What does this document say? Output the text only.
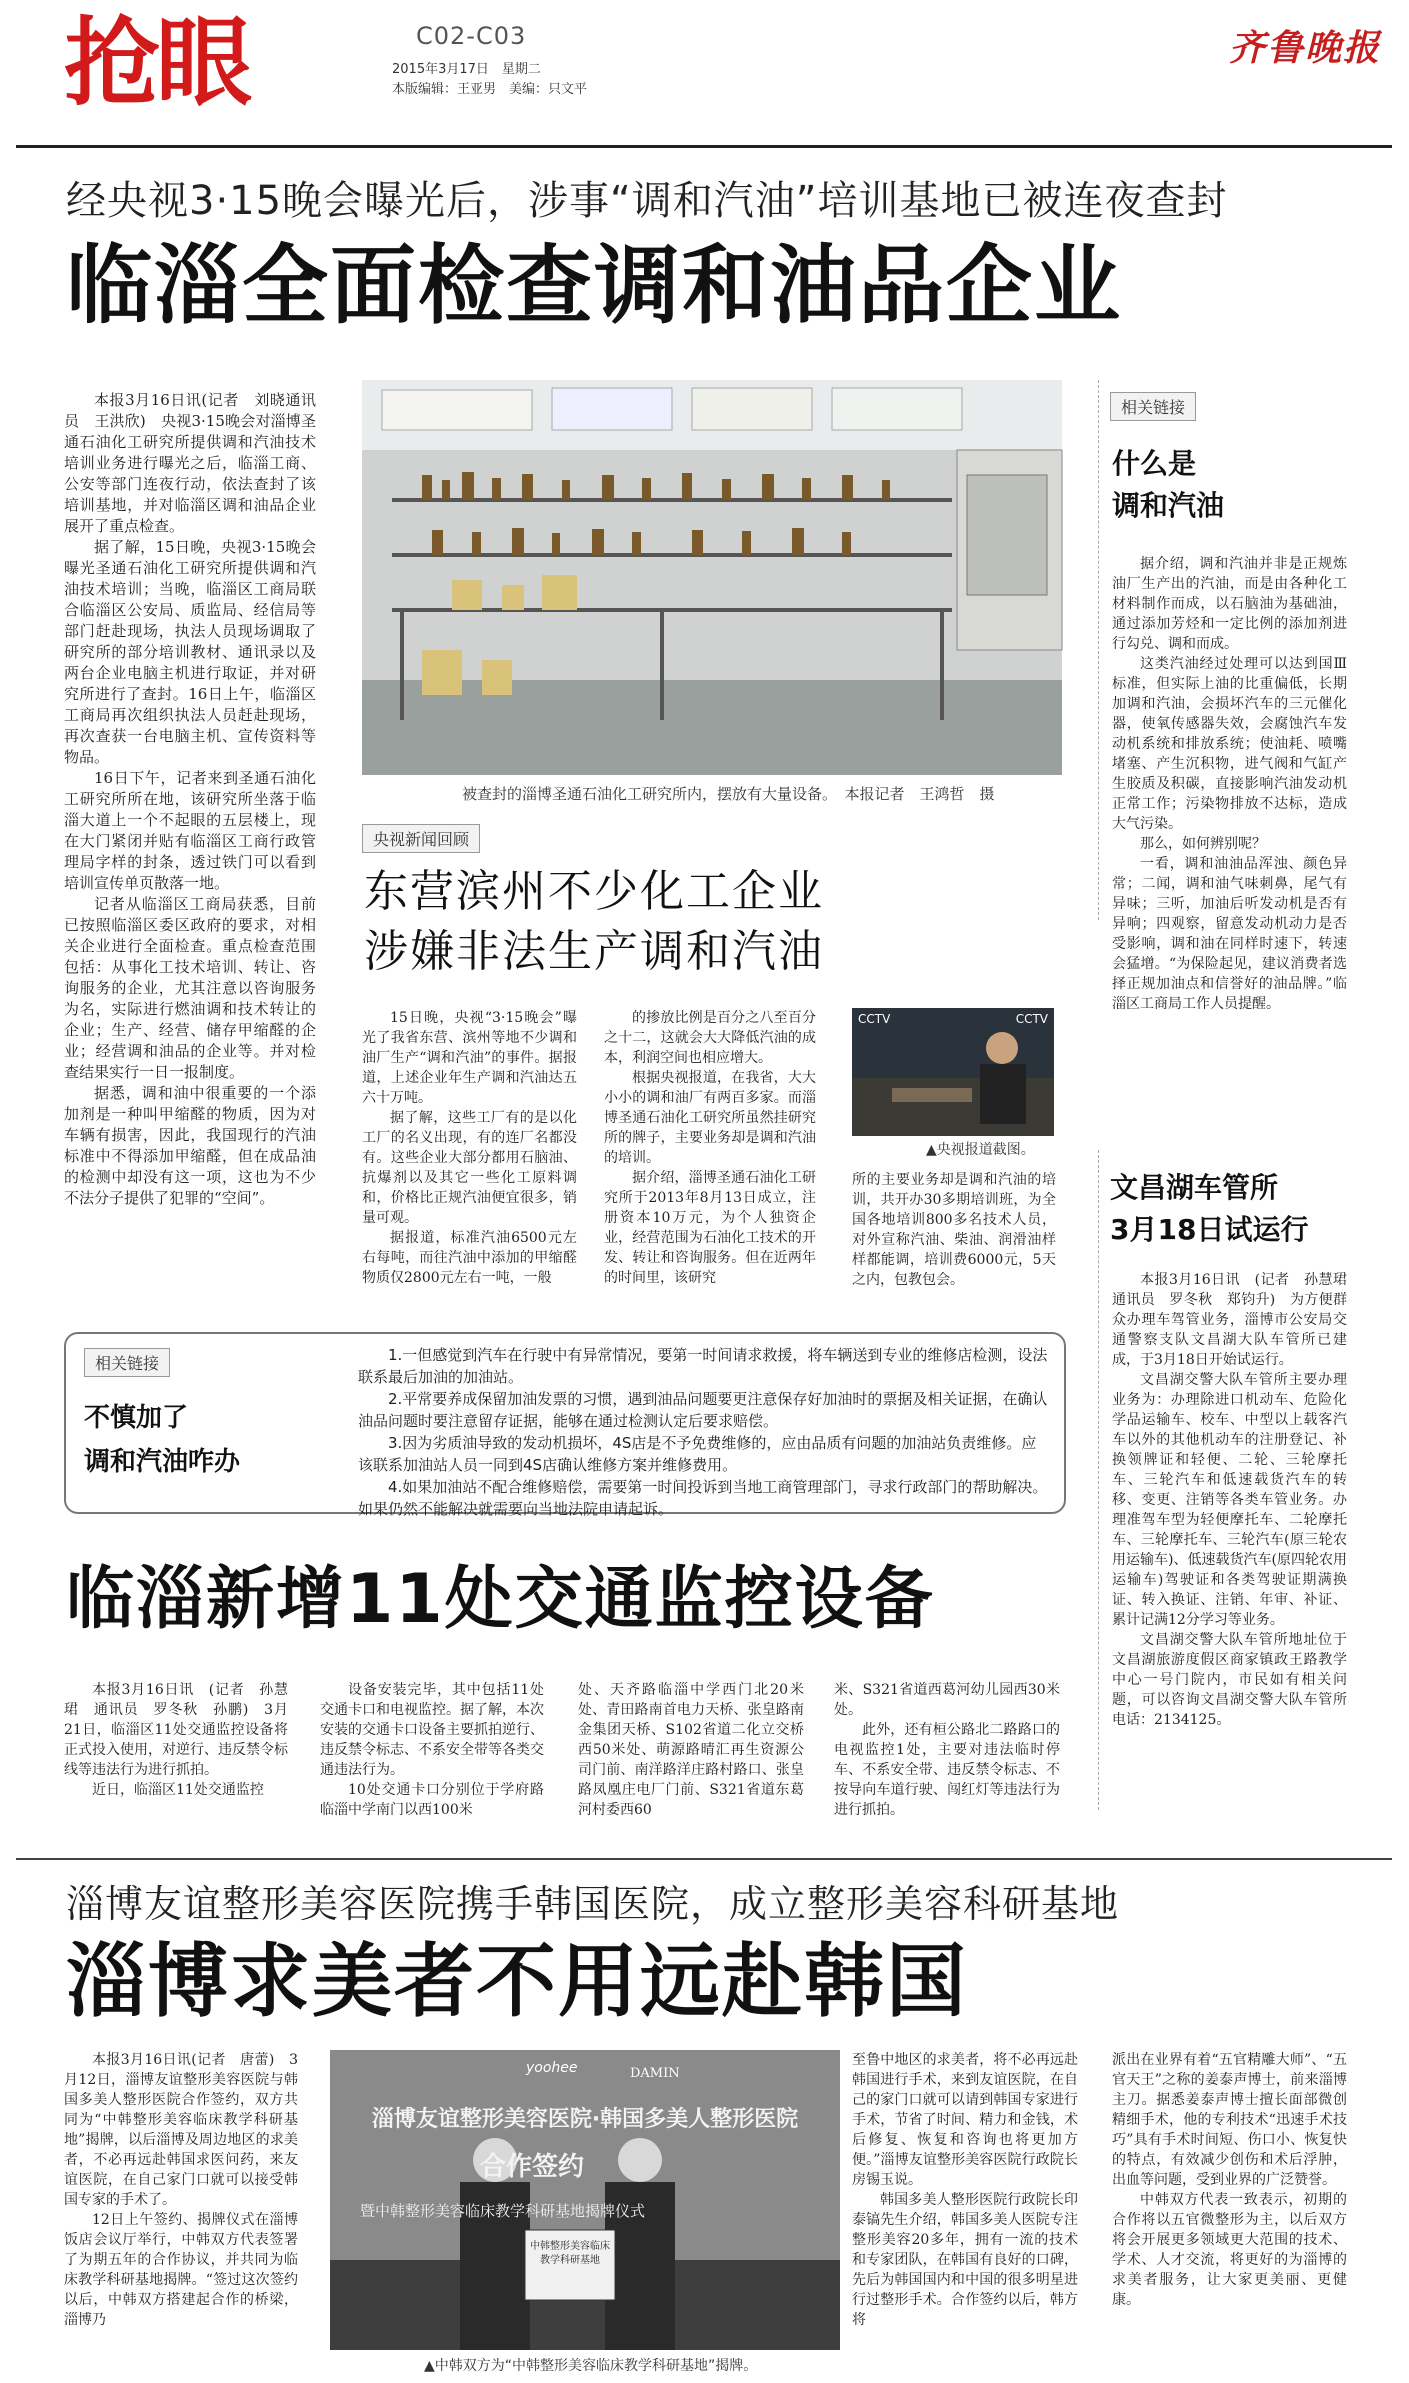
抢眼	C02-C03
2015年3月17日　星期二
本版编辑：王亚男　美编：只文平
齐鲁晚报
经央视3·15晚会曝光后，涉事“调和汽油”培训基地已被连夜查封
临淄全面检查调和油品企业

本报3月16日讯(记者　刘晓通讯员　王洪欣)　央视3·15晚会对淄博圣通石油化工研究所提供调和汽油技术培训业务进行曝光之后，临淄工商、公安等部门连夜行动，依法查封了该培训基地，并对临淄区调和油品企业展开了重点检查。

据了解，15日晚，央视3·15晚会曝光圣通石油化工研究所提供调和汽油技术培训；当晚，临淄区工商局联合临淄区公安局、质监局、经信局等部门赶赴现场，执法人员现场调取了研究所的部分培训教材、通讯录以及两台企业电脑主机进行取证，并对研究所进行了查封。16日上午，临淄区工商局再次组织执法人员赶赴现场，再次查获一台电脑主机、宣传资料等物品。

16日下午，记者来到圣通石油化工研究所所在地，该研究所坐落于临淄大道上一个不起眼的五层楼上，现在大门紧闭并贴有临淄区工商行政管理局字样的封条，透过铁门可以看到培训宣传单页散落一地。

记者从临淄区工商局获悉，目前已按照临淄区委区政府的要求，对相关企业进行全面检查。重点检查范围包括：从事化工技术培训、转让、咨询服务的企业，尤其注意以咨询服务为名，实际进行燃油调和技术转让的企业；生产、经营、储存甲缩醛的企业；经营调和油品的企业等。并对检查结果实行一日一报制度。

据悉，调和油中很重要的一个添加剂是一种叫甲缩醛的物质，因为对车辆有损害，因此，我国现行的汽油标准中不得添加甲缩醛，但在成品油的检测中却没有这一项，这也为不少不法分子提供了犯罪的“空间”。

被查封的淄博圣通石油化工研究所内，摆放有大量设备。　本报记者　王鸿哲　摄
相关链接
什么是
调和汽油

据介绍，调和汽油并非是正规炼油厂生产出的汽油，而是由各种化工材料制作而成，以石脑油为基础油，通过添加芳烃和一定比例的添加剂进行勾兑、调和而成。

这类汽油经过处理可以达到国Ⅲ标准，但实际上油的比重偏低，长期加调和汽油，会损坏汽车的三元催化器，使氧传感器失效，会腐蚀汽车发动机系统和排放系统；使油耗、喷嘴堵塞、产生沉积物，进气阀和气缸产生胶质及积碳，直接影响汽油发动机正常工作；污染物排放不达标，造成大气污染。

那么，如何辨别呢？

一看，调和油油品浑浊、颜色异常；二闻，调和油气味刺鼻，尾气有异味；三听，加油后听发动机是否有异响；四观察，留意发动机动力是否受影响，调和油在同样时速下，转速会猛增。“为保险起见，建议消费者选择正规加油点和信誉好的油品牌。”临淄区工商局工作人员提醒。

央视新闻回顾
东营滨州不少化工企业
涉嫌非法生产调和汽油

15日晚，央视“3·15晚会”曝光了我省东营、滨州等地不少调和油厂生产“调和汽油”的事件。据报道，上述企业年生产调和汽油达五六十万吨。

据了解，这些工厂有的是以化工厂的名义出现，有的连厂名都没有。这些企业大部分都用石脑油、抗爆剂以及其它一些化工原料调和，价格比正规汽油便宜很多，销量可观。

据报道，标准汽油6500元左右每吨，而往汽油中添加的甲缩醛物质仅2800元左右一吨，一般

的掺放比例是百分之八至百分之十二，这就会大大降低汽油的成本，利润空间也相应增大。

根据央视报道，在我省，大大小小的调和油厂有两百多家。而淄博圣通石油化工研究所虽然挂研究所的牌子，主要业务却是调和汽油的培训。

据介绍，淄博圣通石油化工研究所于2013年8月13日成立，注册资本10万元，为个人独资企业，经营范围为石油化工技术的开发、转让和咨询服务。但在近两年的时间里，该研究

CCTV	CCTV
▲央视报道截图。

所的主要业务却是调和汽油的培训，共开办30多期培训班，为全国各地培训800多名技术人员，对外宣称汽油、柴油、润滑油样样都能调，培训费6000元，5天之内，包教包会。

相关链接
不慎加了
调和汽油咋办

1.一但感觉到汽车在行驶中有异常情况，要第一时间请求救援，将车辆送到专业的维修店检测，设法联系最后加油的加油站。

2.平常要养成保留加油发票的习惯，遇到油品问题要更注意保存好加油时的票据及相关证据，在确认油品问题时要注意留存证据，能够在通过检测认定后要求赔偿。

3.因为劣质油导致的发动机损坏，4S店是不予免费维修的，应由品质有问题的加油站负责维修。应该联系加油站人员一同到4S店确认维修方案并维修费用。

4.如果加油站不配合维修赔偿，需要第一时间投诉到当地工商管理部门，寻求行政部门的帮助解决。如果仍然不能解决就需要向当地法院申请起诉。

临淄新增11处交通监控设备

本报3月16日讯　(记者　孙慧珺　通讯员　罗冬秋　孙鹏)　3月21日，临淄区11处交通监控设备将正式投入使用，对逆行、违反禁令标线等违法行为进行抓拍。

近日，临淄区11处交通监控

设备安装完毕，其中包括11处交通卡口和电视监控。据了解，本次安装的交通卡口设备主要抓拍逆行、违反禁令标志、不系安全带等各类交通违法行为。

10处交通卡口分别位于学府路临淄中学南门以西100米

处、天齐路临淄中学西门北20米处、青田路南首电力天桥、张皇路南金集团天桥、S102省道二化立交桥西50米处、萌源路晴汇再生资源公司门前、南洋路洋庄路村路口、张皇路凤凰庄电厂门前、S321省道东葛河村委西60

米、S321省道西葛河幼儿园西30米处。

此外，还有桓公路北二路路口的电视监控1处，主要对违法临时停车、不系安全带、违反禁令标志、不按导向车道行驶、闯红灯等违法行为进行抓拍。

文昌湖车管所
3月18日试运行

本报3月16日讯　(记者　孙慧珺　通讯员　罗冬秋　郑钧升)　为方便群众办理车驾管业务，淄博市公安局交通警察支队文昌湖大队车管所已建成，于3月18日开始试运行。

文昌湖交警大队车管所主要办理业务为：办理除进口机动车、危险化学品运输车、校车、中型以上载客汽车以外的其他机动车的注册登记、补换领牌证和轻便、二轮、三轮摩托车、三轮汽车和低速载货汽车的转移、变更、注销等各类车管业务。办理准驾车型为轻便摩托车、二轮摩托车、三轮摩托车、三轮汽车(原三轮农用运输车)、低速载货汽车(原四轮农用运输车)驾驶证和各类驾驶证期满换证、转入换证、注销、年审、补证、累计记满12分学习等业务。

文昌湖交警大队车管所地址位于文昌湖旅游度假区商家镇政王路教学中心一号门院内，市民如有相关问题，可以咨询文昌湖交警大队车管所电话：2134125。

淄博友谊整形美容医院携手韩国医院，成立整形美容科研基地
淄博求美者不用远赴韩国

本报3月16日讯(记者　唐蕾)　3月12日，淄博友谊整形美容医院与韩国多美人整形医院合作签约，双方共同为“中韩整形美容临床教学科研基地”揭牌，以后淄博及周边地区的求美者，不必再远赴韩国求医问药，来友谊医院，在自己家门口就可以接受韩国专家的手术了。

12日上午签约、揭牌仪式在淄博饭店会议厅举行，中韩双方代表签署了为期五年的合作协议，并共同为临床教学科研基地揭牌。“签过这次签约以后，中韩双方搭建起合作的桥梁，淄博乃

yoohee	DAMIN
淄博友谊整形美容医院·韩国多美人整形医院
合作签约
暨中韩整形美容临床教学科研基地揭牌仪式
中韩整形美容临床教学科研基地
▲中韩双方为“中韩整形美容临床教学科研基地”揭牌。

至鲁中地区的求美者，将不必再远赴韩国进行手术，来到友谊医院，在自己的家门口就可以请到韩国专家进行手术，节省了时间、精力和金钱，术后修复、恢复和咨询也将更加方便。”淄博友谊整形美容医院行政院长房锡玉说。

韩国多美人整形医院行政院长印泰镐先生介绍，韩国多美人医院专注整形美容20多年，拥有一流的技术和专家团队，在韩国有良好的口碑，先后为韩国国内和中国的很多明星进行过整形手术。合作签约以后，韩方将

派出在业界有着“五官精雕大师”、“五官天王”之称的姜泰声博士，前来淄博主刀。据悉姜泰声博士擅长面部微创精细手术，他的专利技术“迅速手术技巧”具有手术时间短、伤口小、恢复快的特点，有效减少创伤和术后浮肿，出血等问题，受到业界的广泛赞誉。

中韩双方代表一致表示，初期的合作将以五官微整形为主，以后双方将会开展更多领域更大范围的技术、学术、人才交流，将更好的为淄博的求美者服务，让大家更美丽、更健康。
